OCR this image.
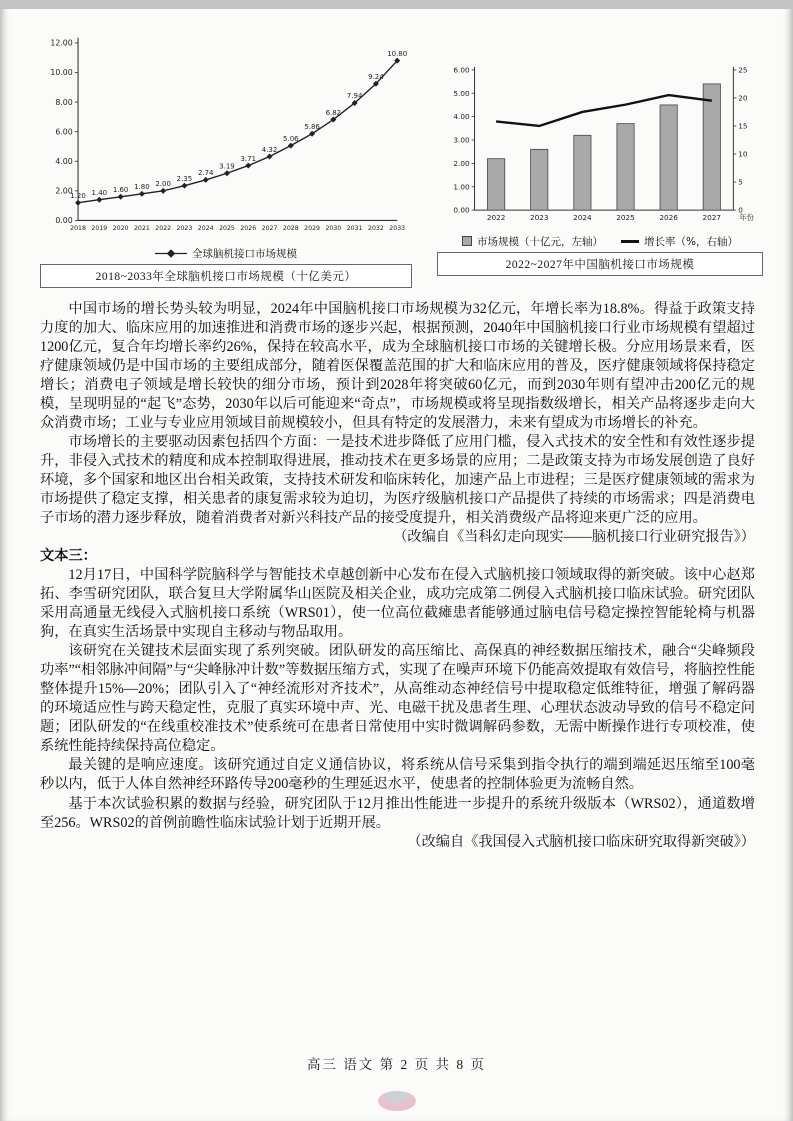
0.00
2.00
4.00
6.00
8.00
10.00
12.00
2018 2019 2020 2021 2022 2023 2024 2025 2026 2027 2028 2029 2030 2031 2032 2033
1.20 1.40 1.60 1.80 2.00
2.35
2.74
3.19
3.71
4.32
5.06
5.86
6.82
7.94
9.24
10.80
全球脑机接口市场规模
2018~2033年全球脑机接口市场规模（十亿美元）
0.00
1.00
2.00
3.00
4.00
5.00
6.00
0
5
10
15
20
25
2022	2023	2024	2025	2026	2027 年份
市场规模（十亿元，左轴）	增长率（%，右轴）
2022~2027年中国脑机接口市场规模

中国市场的增长势头较为明显，2024年中国脑机接口市场规模为32亿元，年增长率为18.8%。得益于政策支持力度的加大、临床应用的加速推进和消费市场的逐步兴起，根据预测，2040年中国脑机接口行业市场规模有望超过1200亿元，复合年均增长率约26%，保持在较高水平，成为全球脑机接口市场的关键增长极。分应用场景来看，医疗健康领域仍是中国市场的主要组成部分，随着医保覆盖范围的扩大和临床应用的普及，医疗健康领域将保持稳定增长；消费电子领域是增长较快的细分市场，预计到2028年将突破60亿元，而到2030年则有望冲击200亿元的规模，呈现明显的“起飞”态势，2030年以后可能迎来“奇点”，市场规模或将呈现指数级增长，相关产品将逐步走向大众消费市场；工业与专业应用领域目前规模较小，但具有特定的发展潜力，未来有望成为市场增长的补充。

市场增长的主要驱动因素包括四个方面：一是技术进步降低了应用门槛，侵入式技术的安全性和有效性逐步提升，非侵入式技术的精度和成本控制取得进展，推动技术在更多场景的应用；二是政策支持为市场发展创造了良好环境，多个国家和地区出台相关政策，支持技术研发和临床转化，加速产品上市进程；三是医疗健康领域的需求为市场提供了稳定支撑，相关患者的康复需求较为迫切，为医疗级脑机接口产品提供了持续的市场需求；四是消费电子市场的潜力逐步释放，随着消费者对新兴科技产品的接受度提升，相关消费级产品将迎来更广泛的应用。

（改编自《当科幻走向现实——脑机接口行业研究报告》）

文本三：

12月17日，中国科学院脑科学与智能技术卓越创新中心发布在侵入式脑机接口领域取得的新突破。该中心赵郑拓、李雪研究团队，联合复旦大学附属华山医院及相关企业，成功完成第二例侵入式脑机接口临床试验。研究团队采用高通量无线侵入式脑机接口系统（WRS01），使一位高位截瘫患者能够通过脑电信号稳定操控智能轮椅与机器狗，在真实生活场景中实现自主移动与物品取用。

该研究在关键技术层面实现了系列突破。团队研发的高压缩比、高保真的神经数据压缩技术，融合“尖峰频段功率”“相邻脉冲间隔”与“尖峰脉冲计数”等数据压缩方式，实现了在噪声环境下仍能高效提取有效信号，将脑控性能整体提升15%—20%；团队引入了“神经流形对齐技术”，从高维动态神经信号中提取稳定低维特征，增强了解码器的环境适应性与跨天稳定性，克服了真实环境中声、光、电磁干扰及患者生理、心理状态波动导致的信号不稳定问题；团队研发的“在线重校准技术”使系统可在患者日常使用中实时微调解码参数，无需中断操作进行专项校准，使系统性能持续保持高位稳定。

最关键的是响应速度。该研究通过自定义通信协议，将系统从信号采集到指令执行的端到端延迟压缩至100毫秒以内，低于人体自然神经环路传导200毫秒的生理延迟水平，使患者的控制体验更为流畅自然。

基于本次试验积累的数据与经验，研究团队于12月推出性能进一步提升的系统升级版本（WRS02），通道数增至256。WRS02的首例前瞻性临床试验计划于近期开展。

（改编自《我国侵入式脑机接口临床研究取得新突破》）

高三 语文 第 2 页 共 8 页
